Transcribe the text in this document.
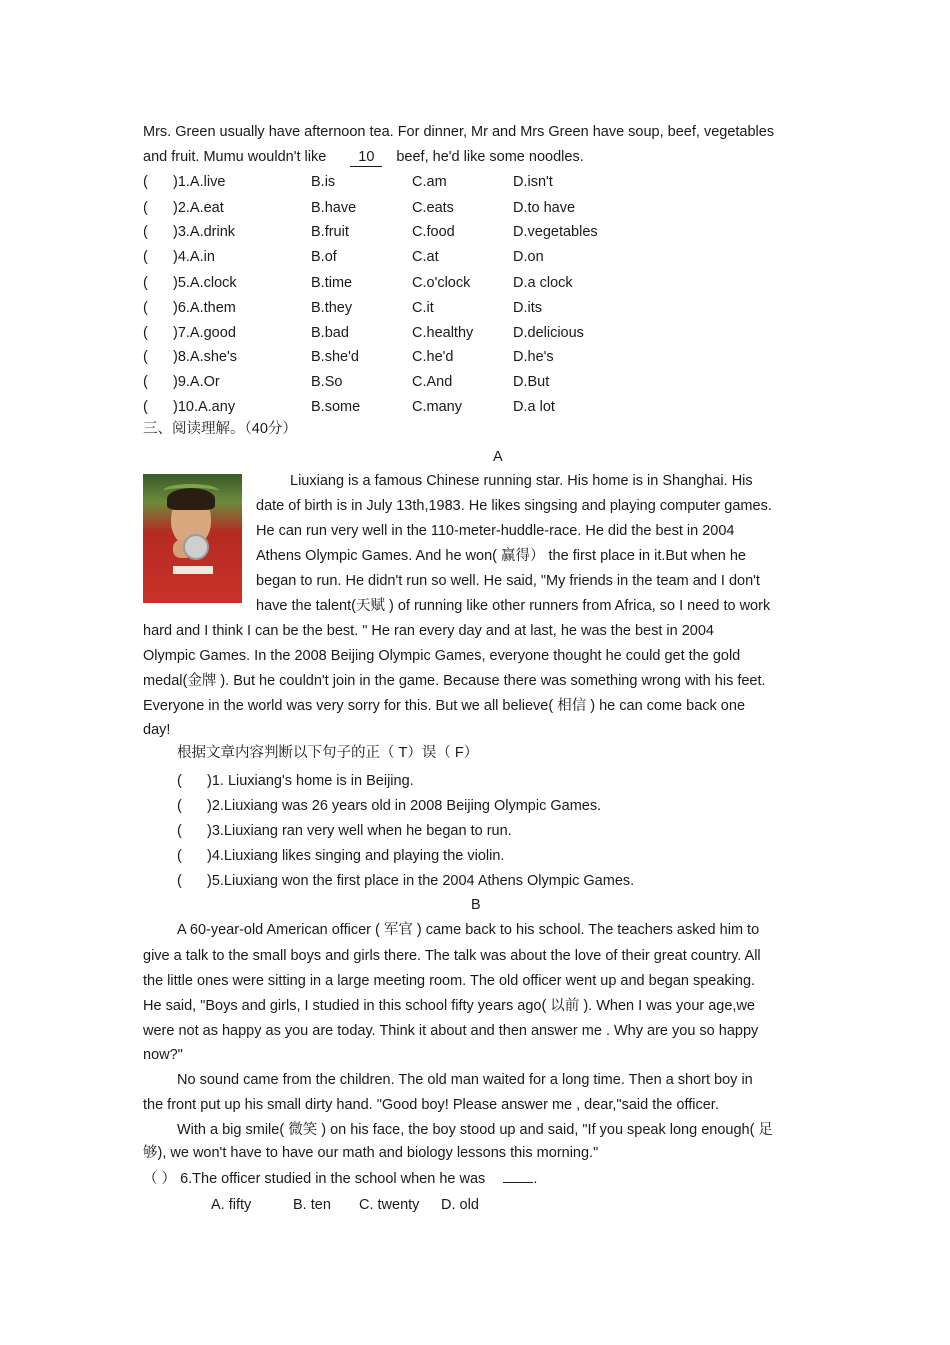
Mrs. Green usually have afternoon tea. For dinner, Mr and Mrs Green have soup, beef, vegetables
and fruit. Mumu wouldn't like 10 beef, he'd like some noodles.
( )1.A.live	B.is	C.am	D.isn't
( )2.A.eat	B.have	C.eats	D.to have
( )3.A.drink	B.fruit	C.food	D.vegetables
( )4.A.in	B.of	C.at	D.on
( )5.A.clock	B.time	C.o'clock	D.a clock
( )6.A.them	B.they	C.it	D.its
( )7.A.good	B.bad	C.healthy	D.delicious
( )8.A.she's	B.she'd	C.he'd	D.he's
( )9.A.Or	B.So	C.And	D.But
( )10.A.any	B.some	C.many	D.a lot
三、阅读理解。（40分）
A
Liuxiang is a famous Chinese running star. His home is in Shanghai. His
date of birth is in July 13th,1983. He likes singsing and playing computer games.
He can run very well in the 110-meter-huddle-race. He did the best in 2004
Athens Olympic Games. And he won( 赢得） the first place in it.But when he
began to run. He didn't run so well. He said, "My friends in the team and I don't
have the talent(天赋 ) of running like other runners from Africa, so I need to work
hard and I think I can be the best. " He ran every day and at last, he was the best in 2004
Olympic Games. In the 2008 Beijing Olympic Games, everyone thought he could get the gold
medal(金牌 ). But he couldn't join in the game. Because there was something wrong with his feet.
Everyone in the world was very sorry for this. But we all believe( 相信 ) he can come back one
day!
根据文章内容判断以下句子的正（ T）误（ F）
( )1. Liuxiang's home is in Beijing.
( )2.Liuxiang was 26 years old in 2008 Beijing Olympic Games.
( )3.Liuxiang ran very well when he began to run.
( )4.Liuxiang likes singing and playing the violin.
( )5.Liuxiang won the first place in the 2004 Athens Olympic Games.
B
A 60-year-old American officer ( 军官 ) came back to his school. The teachers asked him to
give a talk to the small boys and girls there. The talk was about the love of their great country. All
the little ones were sitting in a large meeting room. The old officer went up and began speaking.
He said, "Boys and girls, I studied in this school fifty years ago( 以前 ). When I was your age,we
were not as happy as you are today. Think it about and then answer me . Why are you so happy
now?"
No sound came from the children. The old man waited for a long time. Then a short boy in
the front put up his small dirty hand. "Good boy! Please answer me , dear,"said the officer.
With a big smile( 微笑 ) on his face, the boy stood up and said, "If you speak long enough( 足
够), we won't have to have our math and biology lessons this morning."
（ ） 6.The officer studied in the school when he was	.
A. fifty	B. ten C. twenty D. old
